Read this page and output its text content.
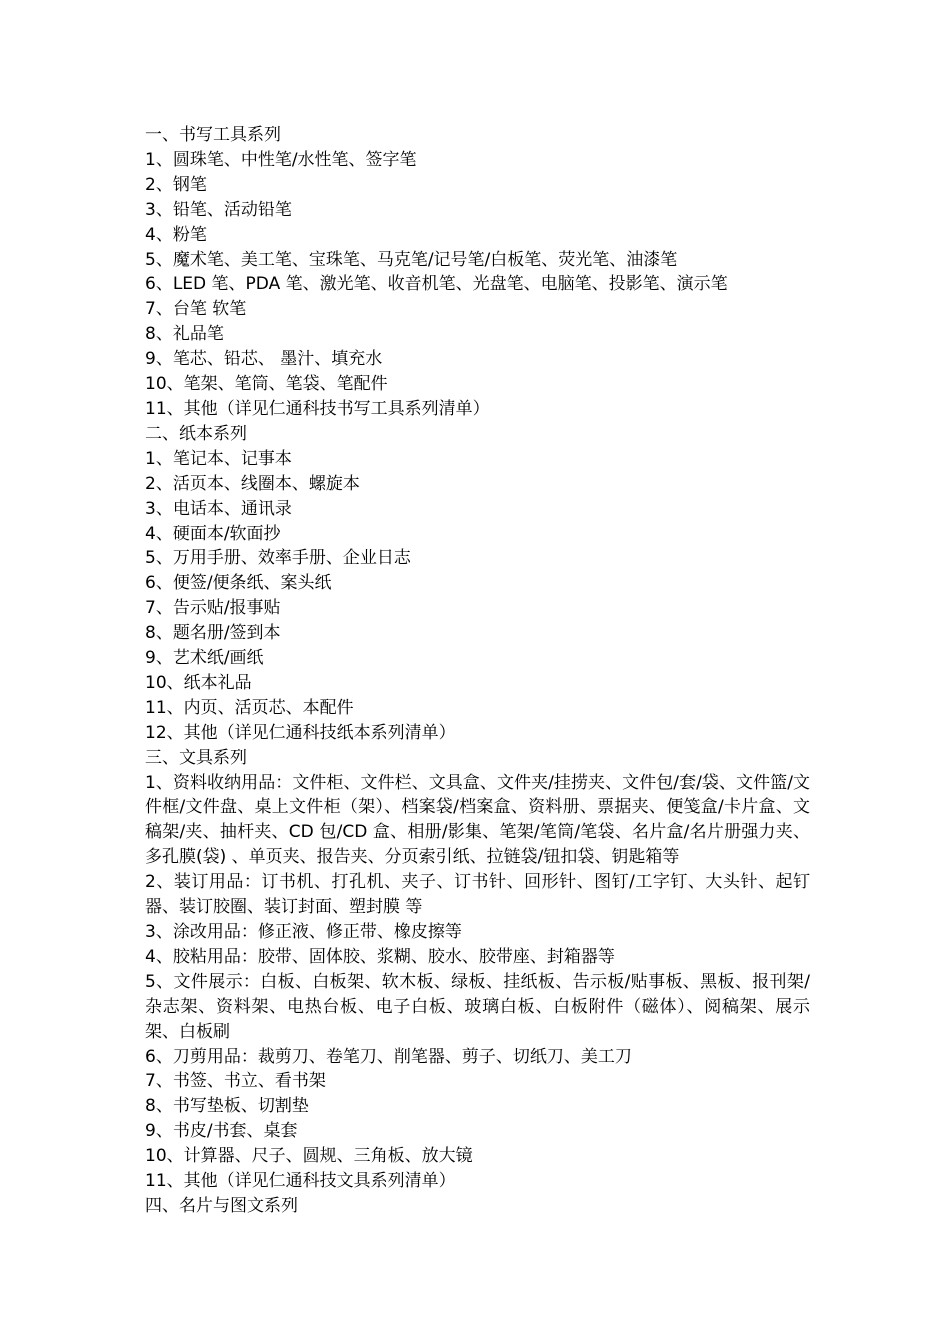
一、书写工具系列

1、圆珠笔、中性笔/水性笔、签字笔

2、钢笔

3、铅笔、活动铅笔

4、粉笔

5、魔术笔、美工笔、宝珠笔、马克笔/记号笔/白板笔、荧光笔、油漆笔

6、LED 笔、PDA 笔、激光笔、收音机笔、光盘笔、电脑笔、投影笔、演示笔

7、台笔 软笔

8、礼品笔

9、笔芯、铅芯、 墨汁、填充水

10、笔架、笔筒、笔袋、笔配件

11、其他（详见仁通科技书写工具系列清单）

二、纸本系列

1、笔记本、记事本

2、活页本、线圈本、螺旋本

3、电话本、通讯录

4、硬面本/软面抄

5、万用手册、效率手册、企业日志

6、便签/便条纸、案头纸

7、告示贴/报事贴

8、题名册/签到本

9、艺术纸/画纸

10、纸本礼品

11、内页、活页芯、本配件

12、其他（详见仁通科技纸本系列清单）

三、文具系列

1、资料收纳用品：文件柜、文件栏、文具盒、文件夹/挂捞夹、文件包/套/袋、文件篮/文件框/文件盘、桌上文件柜（架）、档案袋/档案盒、资料册、票据夹、便笺盒/卡片盒、文稿架/夹、抽杆夹、CD 包/CD 盒、相册/影集、笔架/笔筒/笔袋、名片盒/名片册强力夹、多孔膜(袋) 、单页夹、报告夹、分页索引纸、拉链袋/钮扣袋、钥匙箱等

2、装订用品：订书机、打孔机、夹子、订书针、回形针、图钉/工字钉、大头针、起钉器、装订胶圈、装订封面、塑封膜 等

3、涂改用品：修正液、修正带、橡皮擦等

4、胶粘用品：胶带、固体胶、浆糊、胶水、胶带座、封箱器等

5、文件展示：白板、白板架、软木板、绿板、挂纸板、告示板/贴事板、黑板、报刊架/杂志架、资料架、电热台板、电子白板、玻璃白板、白板附件（磁体）、阅稿架、展示架、白板刷

6、刀剪用品：裁剪刀、卷笔刀、削笔器、剪子、切纸刀、美工刀

7、书签、书立、看书架

8、书写垫板、切割垫

9、书皮/书套、桌套

10、计算器、尺子、圆规、三角板、放大镜

11、其他（详见仁通科技文具系列清单）

四、名片与图文系列
